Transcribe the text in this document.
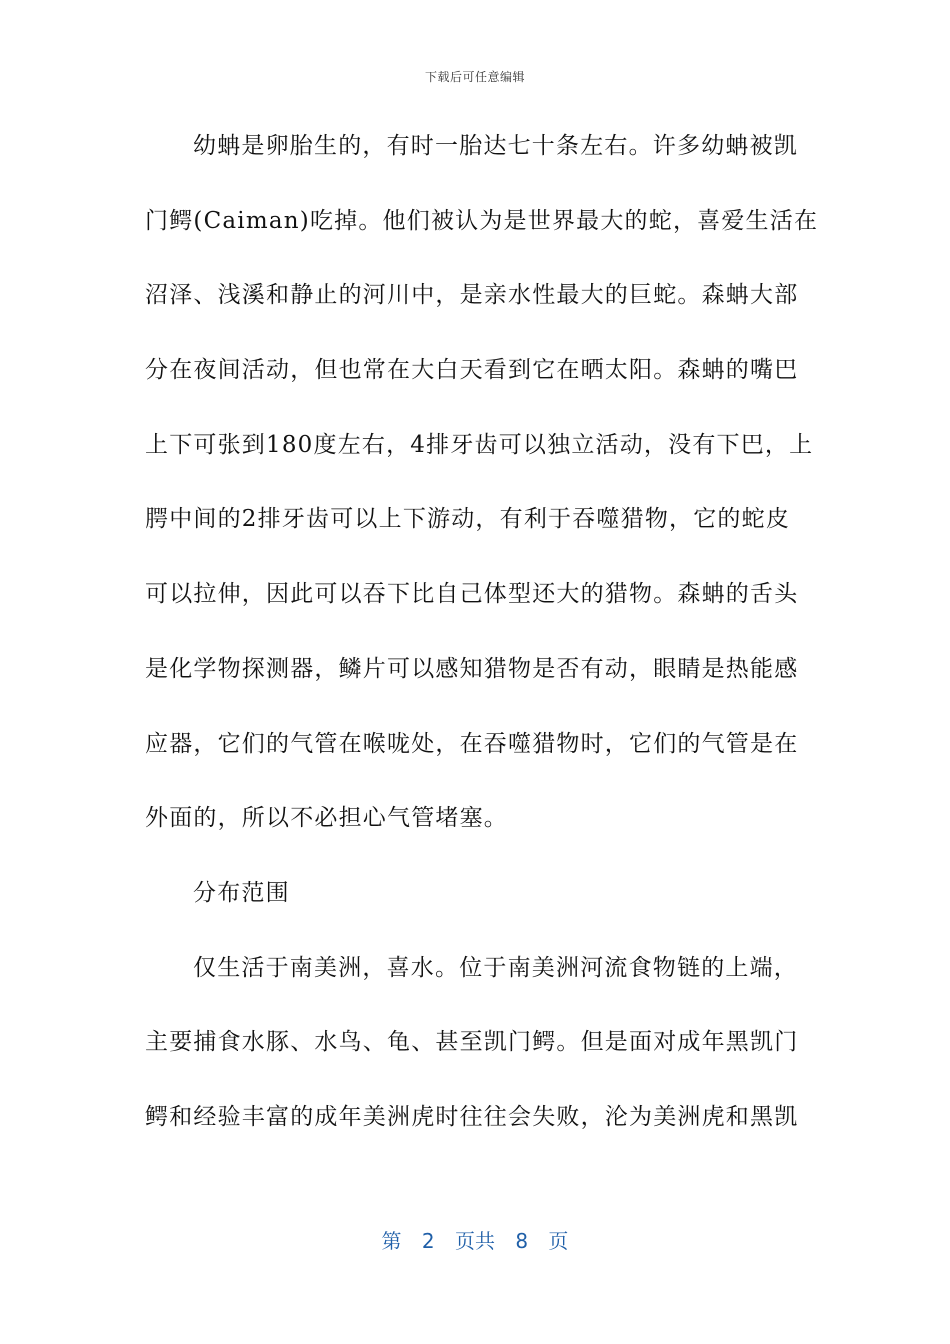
下载后可任意编辑
幼蚺是卵胎生的，有时一胎达七十条左右。许多幼蚺被凯
门鳄(Caiman)吃掉。他们被认为是世界最大的蛇，喜爱生活在
沼泽、浅溪和静止的河川中，是亲水性最大的巨蛇。森蚺大部
分在夜间活动，但也常在大白天看到它在晒太阳。森蚺的嘴巴
上下可张到180度左右，4排牙齿可以独立活动，没有下巴，上
腭中间的2排牙齿可以上下游动，有利于吞噬猎物，它的蛇皮
可以拉伸，因此可以吞下比自己体型还大的猎物。森蚺的舌头
是化学物探测器，鳞片可以感知猎物是否有动，眼睛是热能感
应器，它们的气管在喉咙处，在吞噬猎物时，它们的气管是在
外面的，所以不必担心气管堵塞。
分布范围
仅生活于南美洲，喜水。位于南美洲河流食物链的上端，
主要捕食水豚、水鸟、龟、甚至凯门鳄。但是面对成年黑凯门
鳄和经验丰富的成年美洲虎时往往会失败，沦为美洲虎和黑凯
第 2 页共 8 页
